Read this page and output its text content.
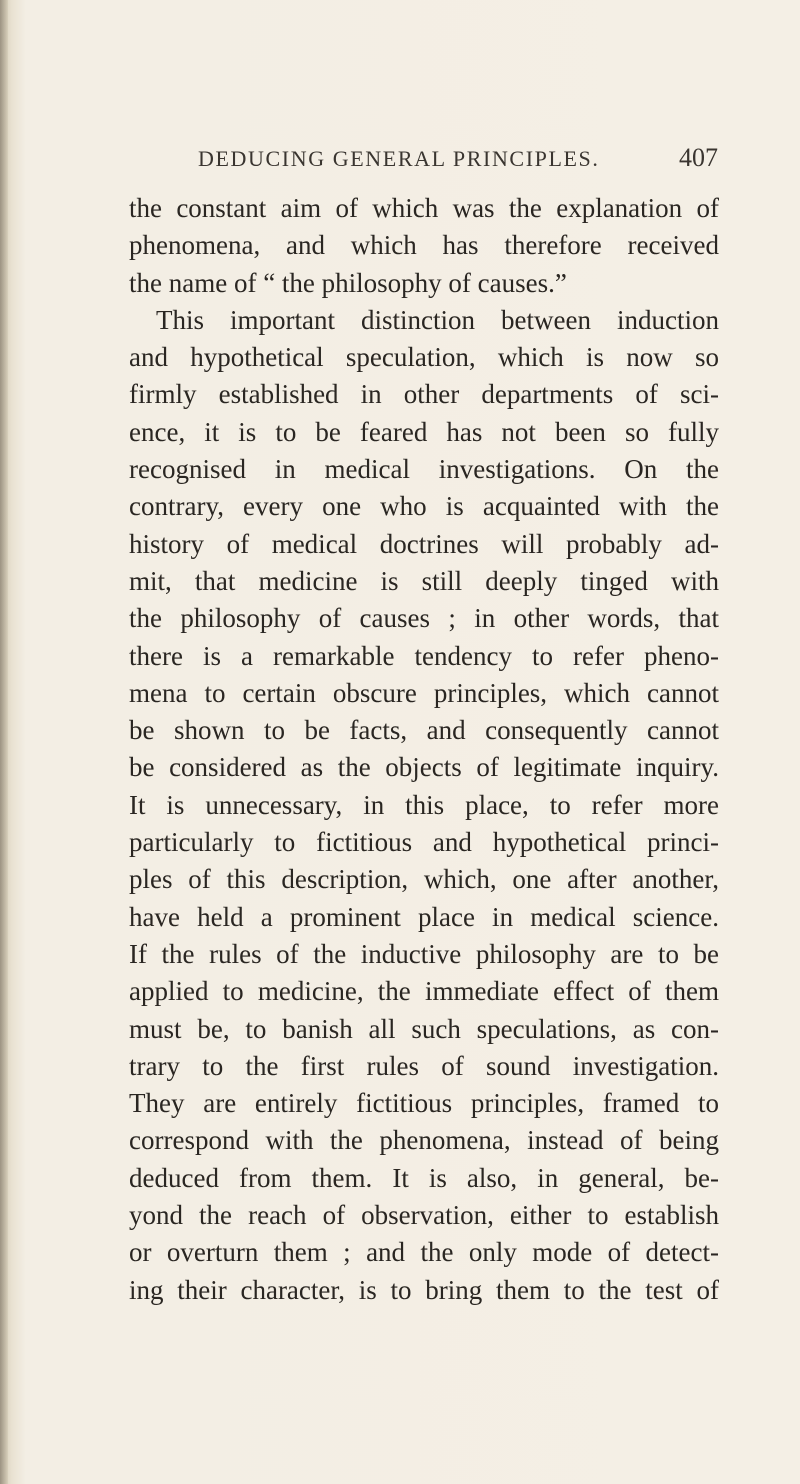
DEDUCING GENERAL PRINCIPLES.	407
the constant aim of which was the explanation of
phenomena, and which has therefore received
the name of “ the philosophy of causes.”
This important distinction between induction
and hypothetical speculation, which is now so
firmly established in other departments of sci-
ence, it is to be feared has not been so fully
recognised in medical investigations. On the
contrary, every one who is acquainted with the
history of medical doctrines will probably ad-
mit, that medicine is still deeply tinged with
the philosophy of causes ; in other words, that
there is a remarkable tendency to refer pheno-
mena to certain obscure principles, which cannot
be shown to be facts, and consequently cannot
be considered as the objects of legitimate inquiry.
It is unnecessary, in this place, to refer more
particularly to fictitious and hypothetical princi-
ples of this description, which, one after another,
have held a prominent place in medical science.
If the rules of the inductive philosophy are to be
applied to medicine, the immediate effect of them
must be, to banish all such speculations, as con-
trary to the first rules of sound investigation.
They are entirely fictitious principles, framed to
correspond with the phenomena, instead of being
deduced from them. It is also, in general, be-
yond the reach of observation, either to establish
or overturn them ; and the only mode of detect-
ing their character, is to bring them to the test of
